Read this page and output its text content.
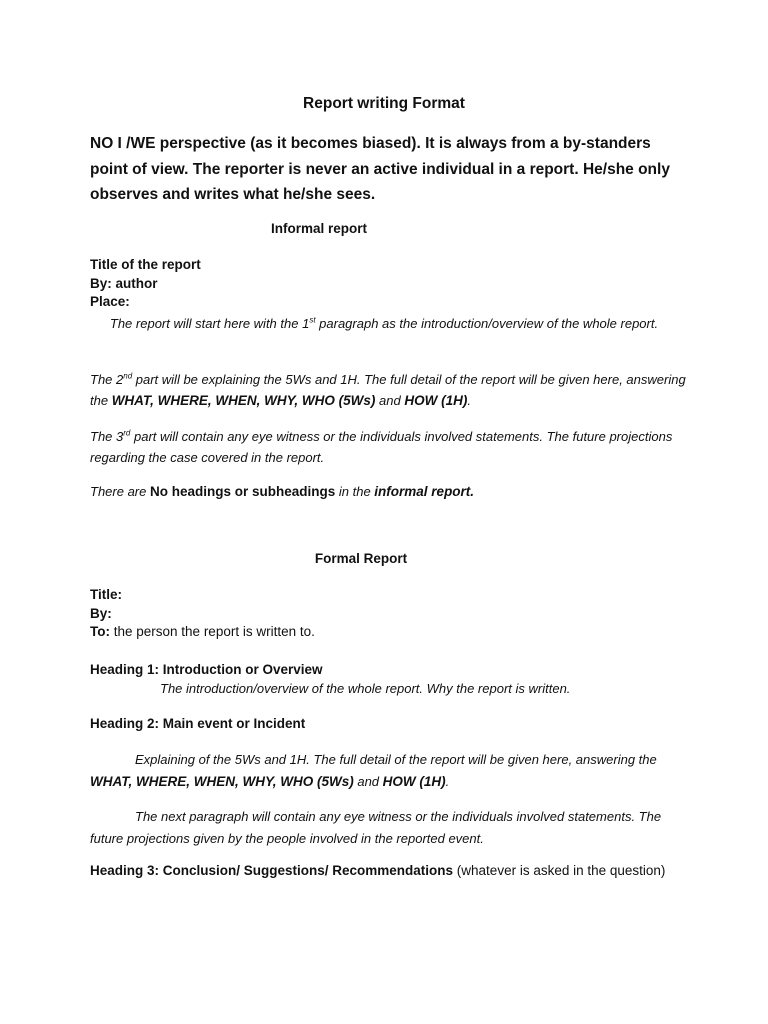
Report writing Format

NO I /WE perspective (as it becomes biased). It is always from a by-standers point of view. The reporter is never an active individual in a report. He/she only observes and writes what he/she sees.

Informal report

Title of the report

By: author

Place:

The report will start here with the 1st paragraph as the introduction/overview of the whole report.

The 2nd part will be explaining the 5Ws and 1H. The full detail of the report will be given here, answering the WHAT, WHERE, WHEN, WHY, WHO (5Ws) and HOW (1H).

The 3rd part will contain any eye witness or the individuals involved statements. The future projections regarding the case covered in the report.

There are No headings or subheadings in the informal report.

Formal Report

Title:

By:

To: the person the report is written to.

Heading 1: Introduction or Overview

The introduction/overview of the whole report. Why the report is written.

Heading 2: Main event or Incident

Explaining of the 5Ws and 1H. The full detail of the report will be given here, answering the WHAT, WHERE, WHEN, WHY, WHO (5Ws) and HOW (1H).

The next paragraph will contain any eye witness or the individuals involved statements. The future projections given by the people involved in the reported event.

Heading 3: Conclusion/ Suggestions/ Recommendations (whatever is asked in the question)
